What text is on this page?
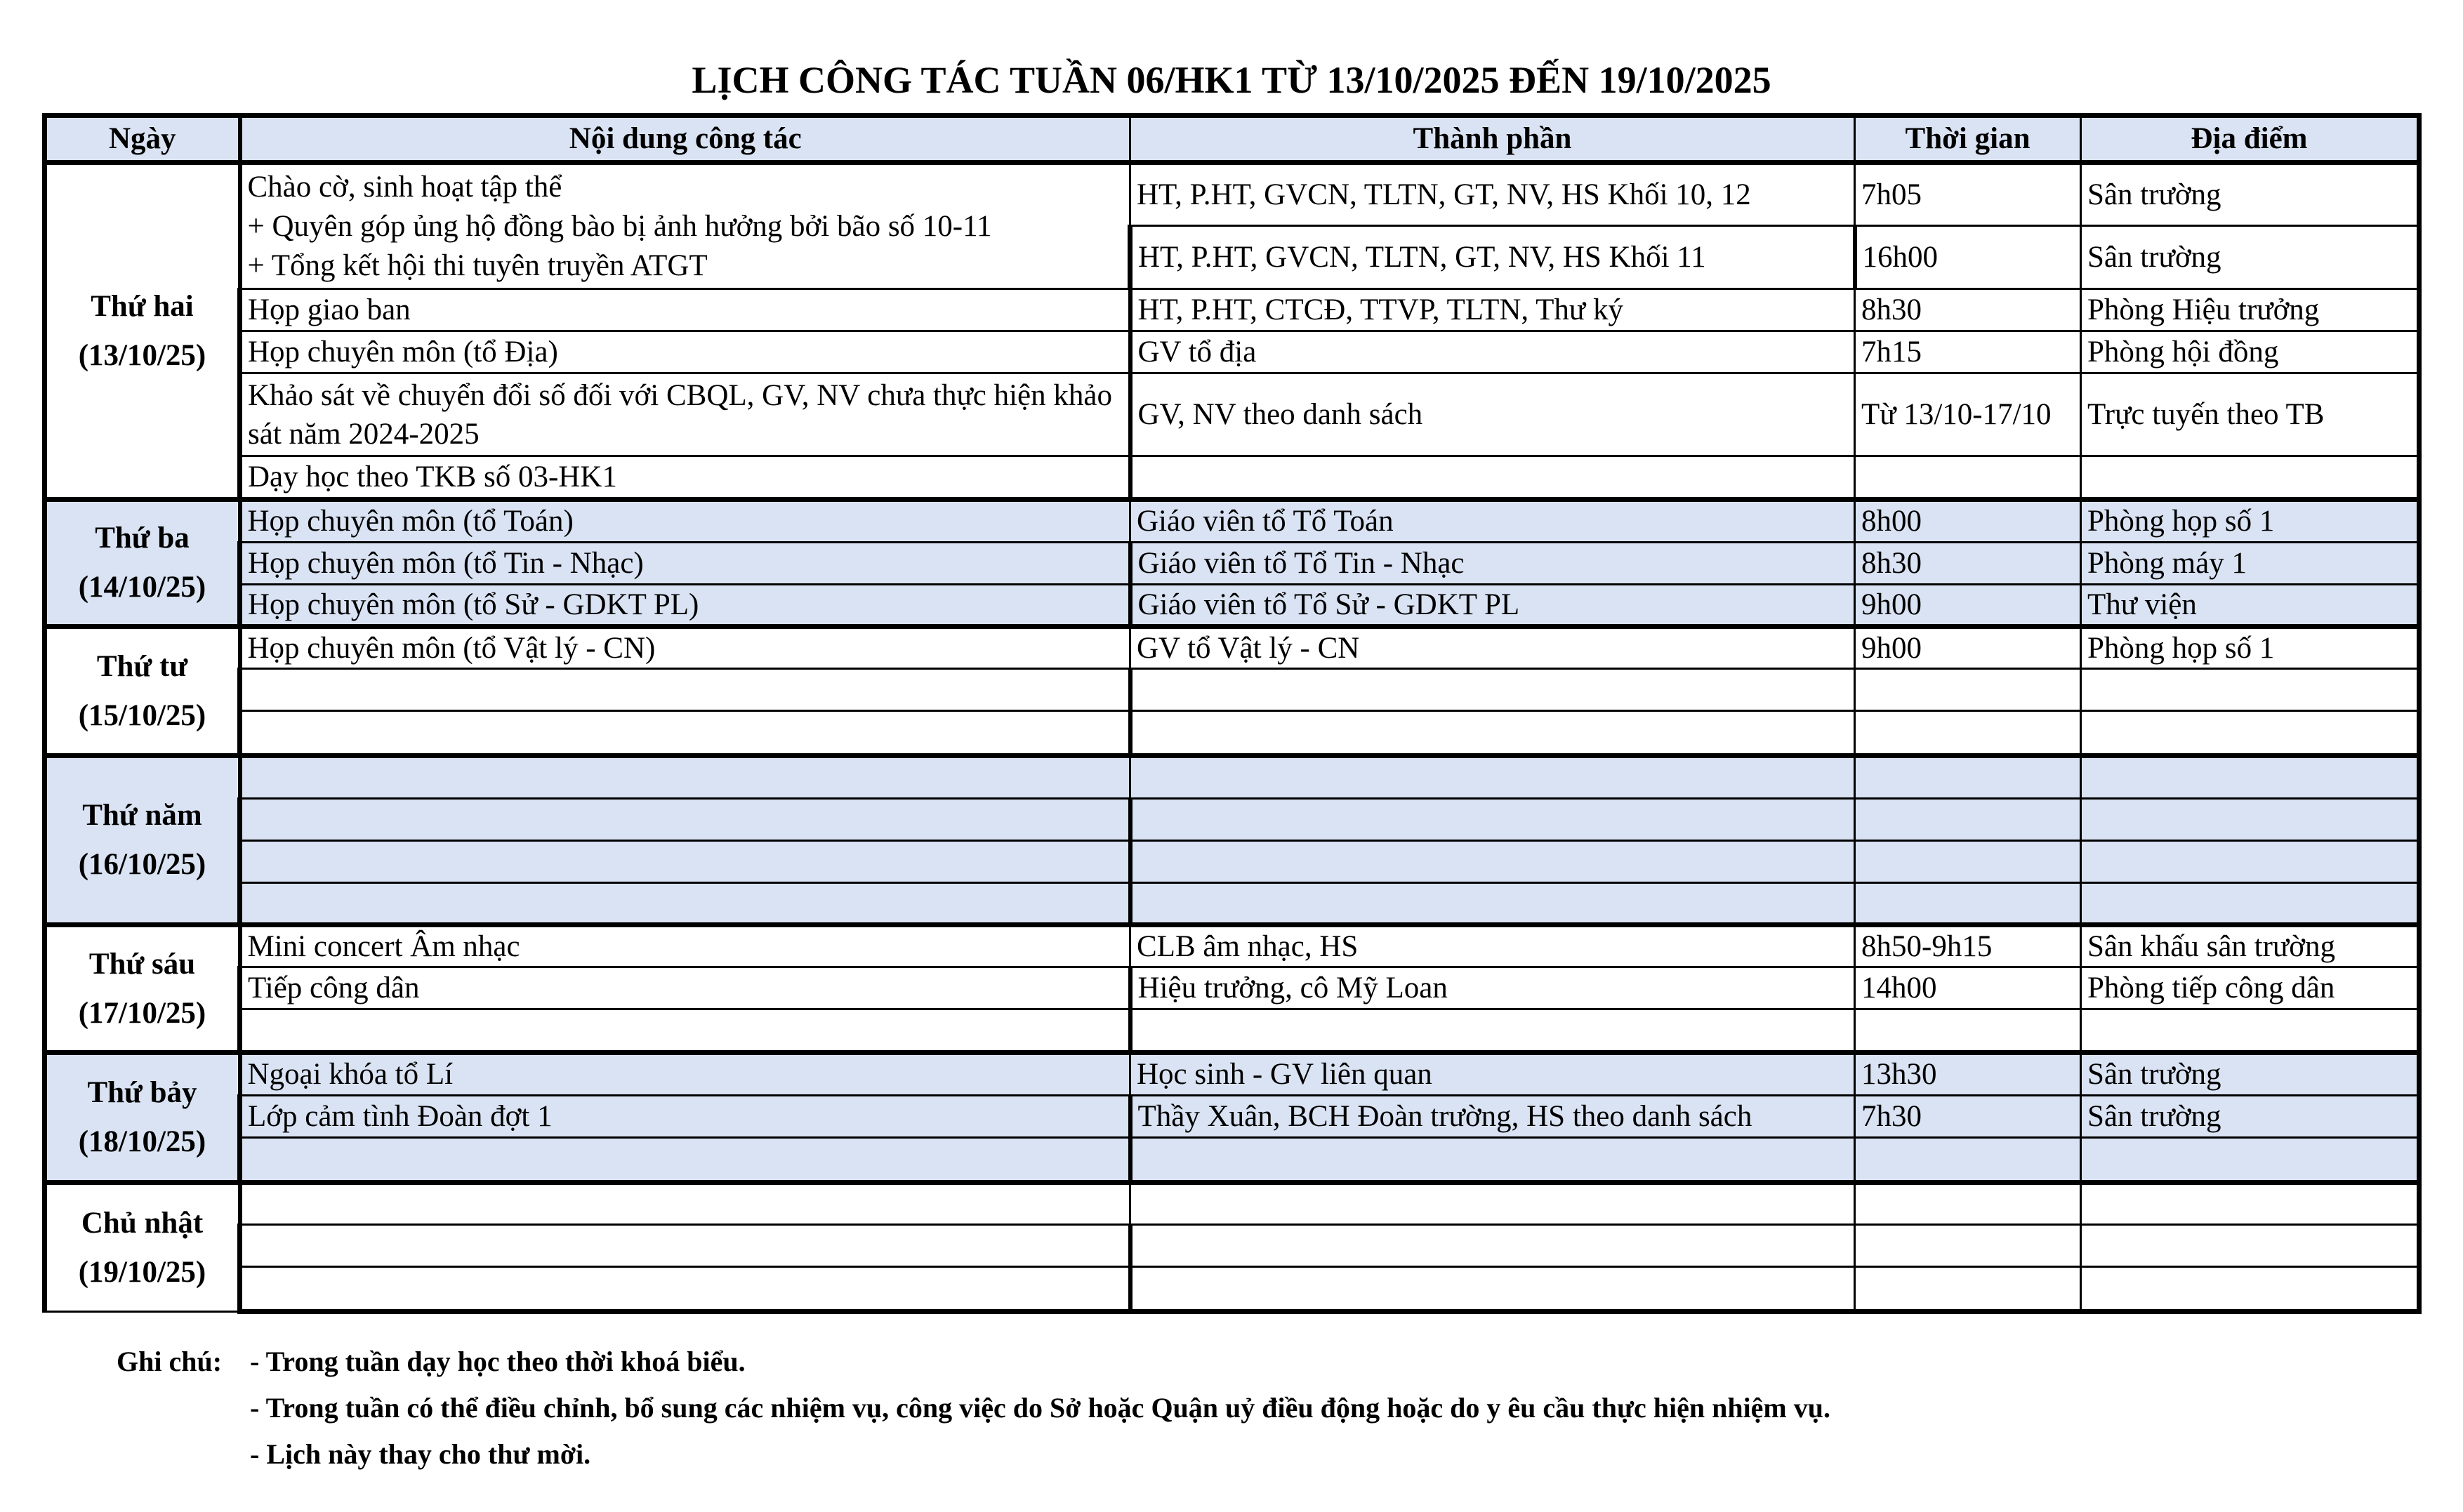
LỊCH CÔNG TÁC TUẦN 06/HK1 TỪ 13/10/2025 ĐẾN 19/10/2025
Ngày	Nội dung công tác	Thành phần	Thời gian	Địa điểm

Thứ hai
(13/10/25)	Chào cờ, sinh hoạt tập thể
+ Quyên góp ủng hộ đồng bào bị ảnh hưởng bởi bão số 10-11
+ Tổng kết hội thi tuyên truyền ATGT	HT, P.HT, GVCN, TLTN, GT, NV, HS Khối 10, 12	7h05	Sân trường
		HT, P.HT, GVCN, TLTN, GT, NV, HS Khối 11	16h00	Sân trường
	Họp giao ban	HT, P.HT, CTCĐ, TTVP, TLTN, Thư ký	8h30	Phòng Hiệu trưởng
	Họp chuyên môn (tổ Địa)	GV tổ địa	7h15	Phòng hội đồng
	Khảo sát về chuyển đổi số đối với CBQL, GV, NV chưa thực hiện khảo sát năm 2024-2025	GV, NV theo danh sách	Từ 13/10-17/10	Trực tuyến theo TB
	Dạy học theo TKB số 03-HK1			

Thứ ba
(14/10/25)	Họp chuyên môn (tổ Toán)	Giáo viên tổ Tổ Toán	8h00	Phòng họp số 1
	Họp chuyên môn (tổ Tin - Nhạc)	Giáo viên tổ Tổ Tin - Nhạc	8h30	Phòng máy 1
	Họp chuyên môn (tổ Sử - GDKT PL)	Giáo viên tổ Tổ Sử - GDKT PL	9h00	Thư viện

Thứ tư
(15/10/25)	Họp chuyên môn (tổ Vật lý - CN)	GV tổ Vật lý - CN	9h00	Phòng họp số 1

Thứ năm
(16/10/25)				

Thứ sáu
(17/10/25)	Mini concert Âm nhạc	CLB âm nhạc, HS	8h50-9h15	Sân khấu sân trường
	Tiếp công dân	Hiệu trưởng, cô Mỹ Loan	14h00	Phòng tiếp công dân

Thứ bảy
(18/10/25)	Ngoại khóa tổ Lí	Học sinh - GV liên quan	13h30	Sân trường
	Lớp cảm tình Đoàn đợt 1	Thầy Xuân, BCH Đoàn trường, HS theo danh sách	7h30	Sân trường

Chủ nhật
(19/10/25)				

Ghi chú: - Trong tuần dạy học theo thời khoá biểu.
- Trong tuần có thể điều chỉnh, bổ sung các nhiệm vụ, công việc do Sở hoặc Quận uỷ điều động hoặc do y êu cầu thực hiện nhiệm vụ.
- Lịch này thay cho thư mời.
